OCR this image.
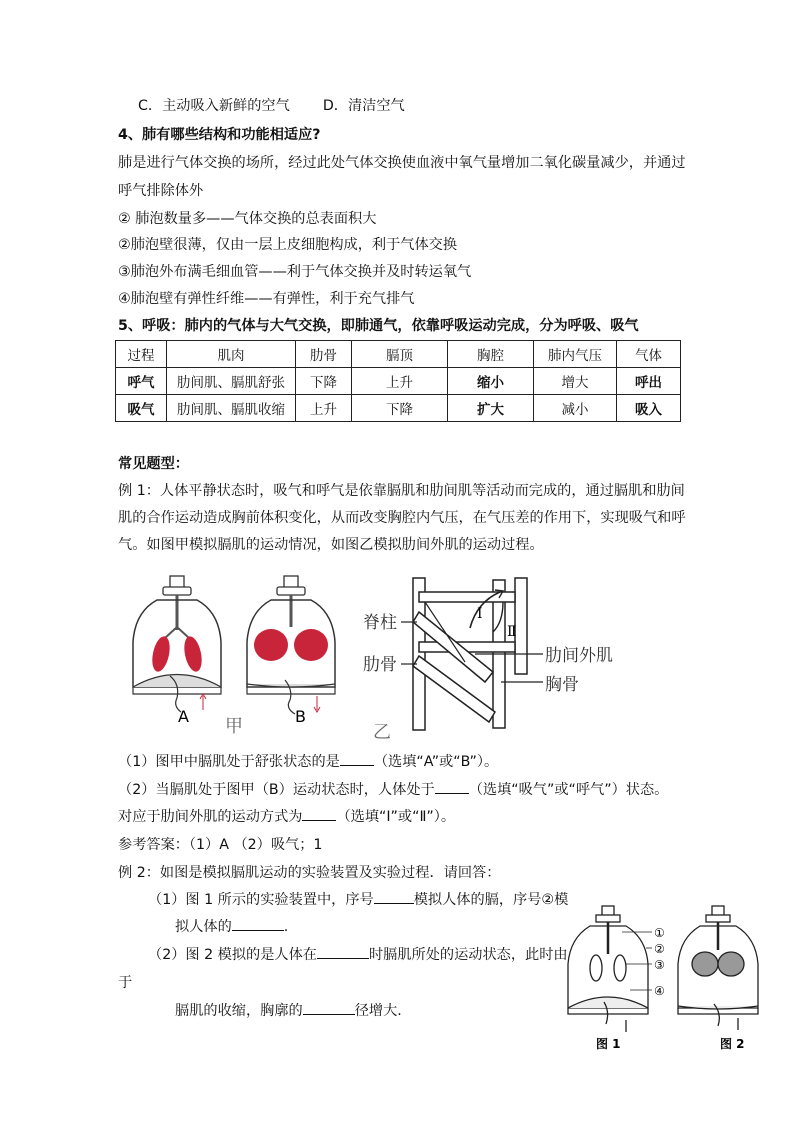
C．主动吸入新鲜的空气 D．清洁空气
4、肺有哪些结构和功能相适应?
肺是进行气体交换的场所，经过此处气体交换使血液中氧气量增加二氧化碳量减少，并通过
呼气排除体外
② 肺泡数量多——气体交换的总表面积大
②肺泡壁很薄，仅由一层上皮细胞构成，利于气体交换
③肺泡外布满毛细血管——利于气体交换并及时转运氧气
④肺泡壁有弹性纤维——有弹性，利于充气排气
5、呼吸：肺内的气体与大气交换，即肺通气，依靠呼吸运动完成，分为呼吸、吸气
过程	肌肉	肋骨	膈顶	胸腔	肺内气压	气体
呼气	肋间肌、膈肌舒张	下降	上升	缩小	增大	呼出
吸气	肋间肌、膈肌收缩	上升	下降	扩大	减小	吸入
常见题型：
例 1：人体平静状态时，吸气和呼气是依靠膈肌和肋间肌等活动而完成的，通过膈肌和肋间
肌的合作运动造成胸前体积变化，从而改变胸腔内气压，在气压差的作用下，实现吸气和呼
气。如图甲模拟膈肌的运动情况，如图乙模拟肋间外肌的运动过程。
A	B
甲
Ⅰ
Ⅱ
脊柱
肋骨	肋间外肌
胸骨
乙
（1）图甲中膈肌处于舒张状态的是 （选填“A”或“B”）。
（2）当膈肌处于图甲（B）运动状态时，人体处于 （选填“吸气”或“呼气”）状态。
对应于肋间外肌的运动方式为 （选填“Ⅰ”或“Ⅱ”）。
参考答案：（1）A （2）吸气；1
例 2：如图是模拟膈肌运动的实验装置及实验过程．请回答：
（1）图 1 所示的实验装置中，序号	模拟人体的膈，序号②模
拟人体的	.
（2）图 2 模拟的是人体在	时膈肌所处的运动状态，此时由
于
膈肌的收缩，胸廓的	径增大.
①
②
③
④
图 1	图 2
